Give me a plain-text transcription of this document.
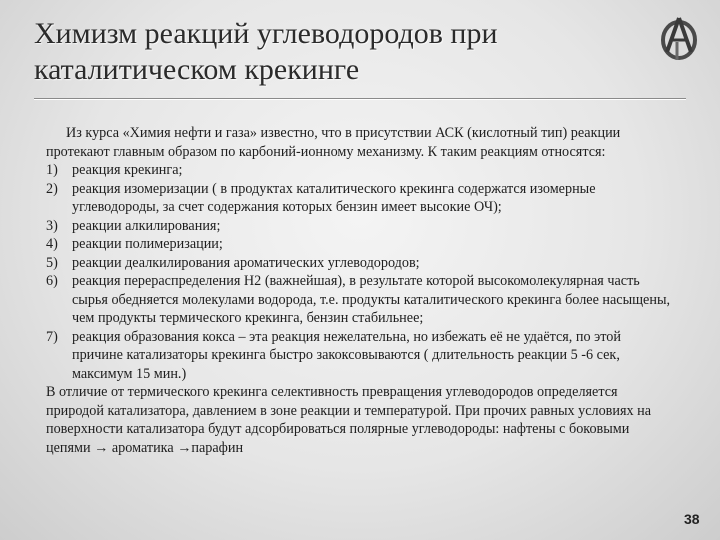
Химизм реакций углеводородов при
каталитическом крекинге

Из курса «Химия нефти и газа» известно, что в присутствии АСК (кислотный тип) реакции протекают главным образом по карбоний-ионному механизму. К таким реакциям относятся:

1) реакция крекинга;
2) реакция изомеризации ( в продуктах каталитического крекинга содержатся изомерные углеводороды, за счет содержания которых бензин имеет высокие ОЧ);
3) реакции алкилирования;
4) реакции полимеризации;
5) реакции деалкилирования ароматических углеводородов;
6) реакция перераспределения Н2 (важнейшая), в результате которой высокомолекулярная часть сырья обедняется молекулами водорода, т.е. продукты каталитического крекинга более насыщены, чем продукты термического крекинга, бензин стабильнее;
7) реакция образования кокса – эта реакция нежелательна, но избежать её не удаётся, по этой причине катализаторы крекинга быстро закоксовываются ( длительность реакции 5 -6 сек, максимум 15 мин.)

В отличие от термического крекинга селективность превращения углеводородов определяется природой катализатора, давлением в зоне реакции и температурой. При прочих равных условиях на поверхности катализатора будут адсорбироваться полярные углеводороды: нафтены с боковыми цепями → ароматика →парафин

38
